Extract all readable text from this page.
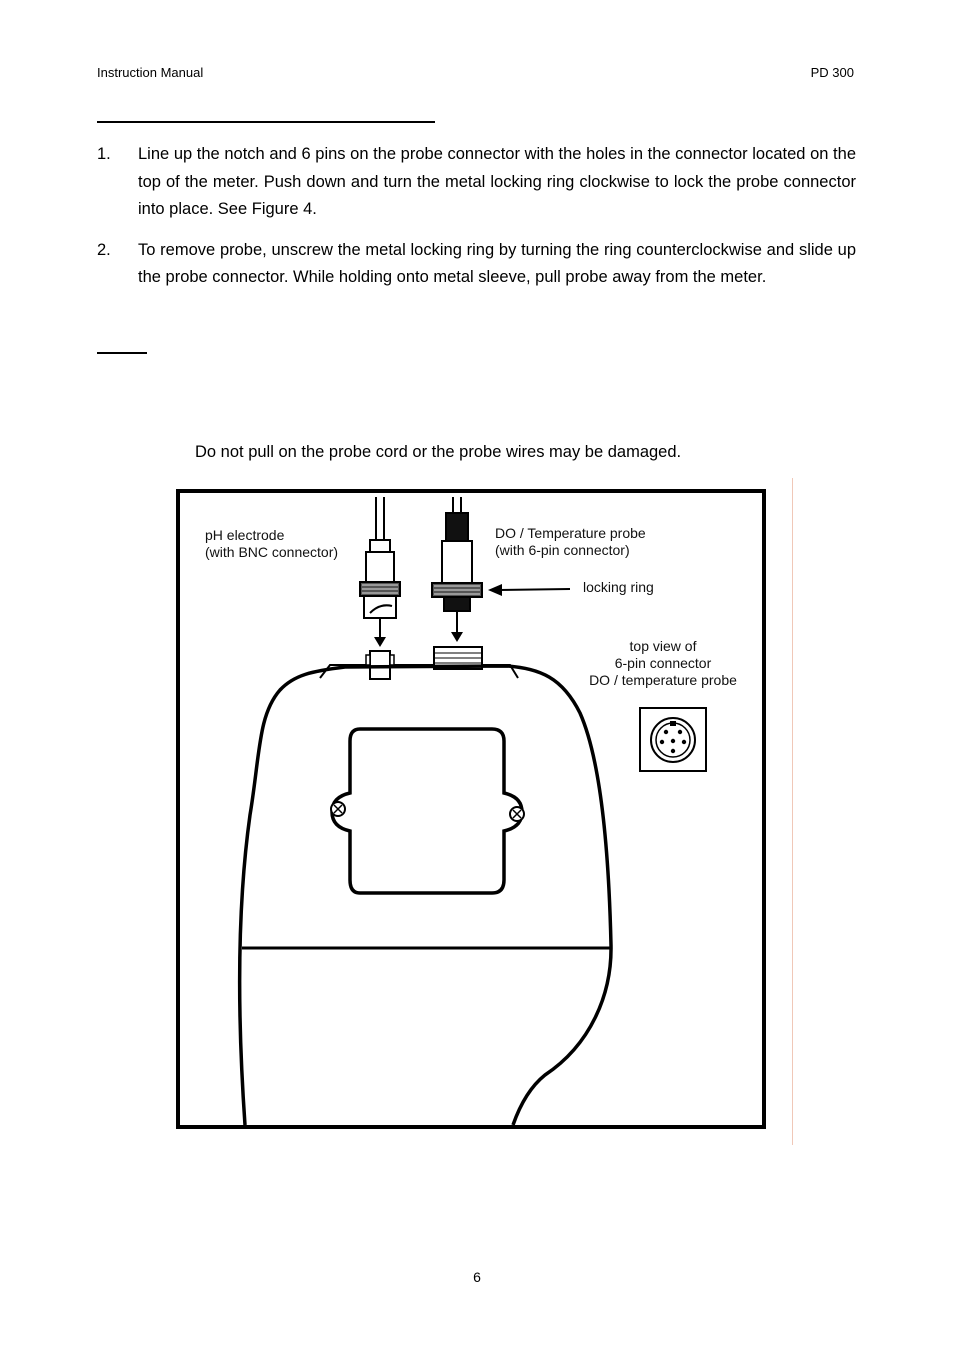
Instruction Manual	PD 300
1. Line up the notch and 6 pins on the probe connector with the holes in the connector located on the top of the meter. Push down and turn the metal locking ring clockwise to lock the probe connector into place. See Figure 4.
2. To remove probe, unscrew the metal locking ring by turning the ring counterclockwise and slide up the probe connector. While holding onto metal sleeve, pull probe away from the meter.
Do not pull on the probe cord or the probe wires may be damaged.
pH electrode
(with BNC connector)
DO / Temperature probe
(with 6-pin connector)
locking ring
top view of
6-pin connector
DO / temperature probe
6
